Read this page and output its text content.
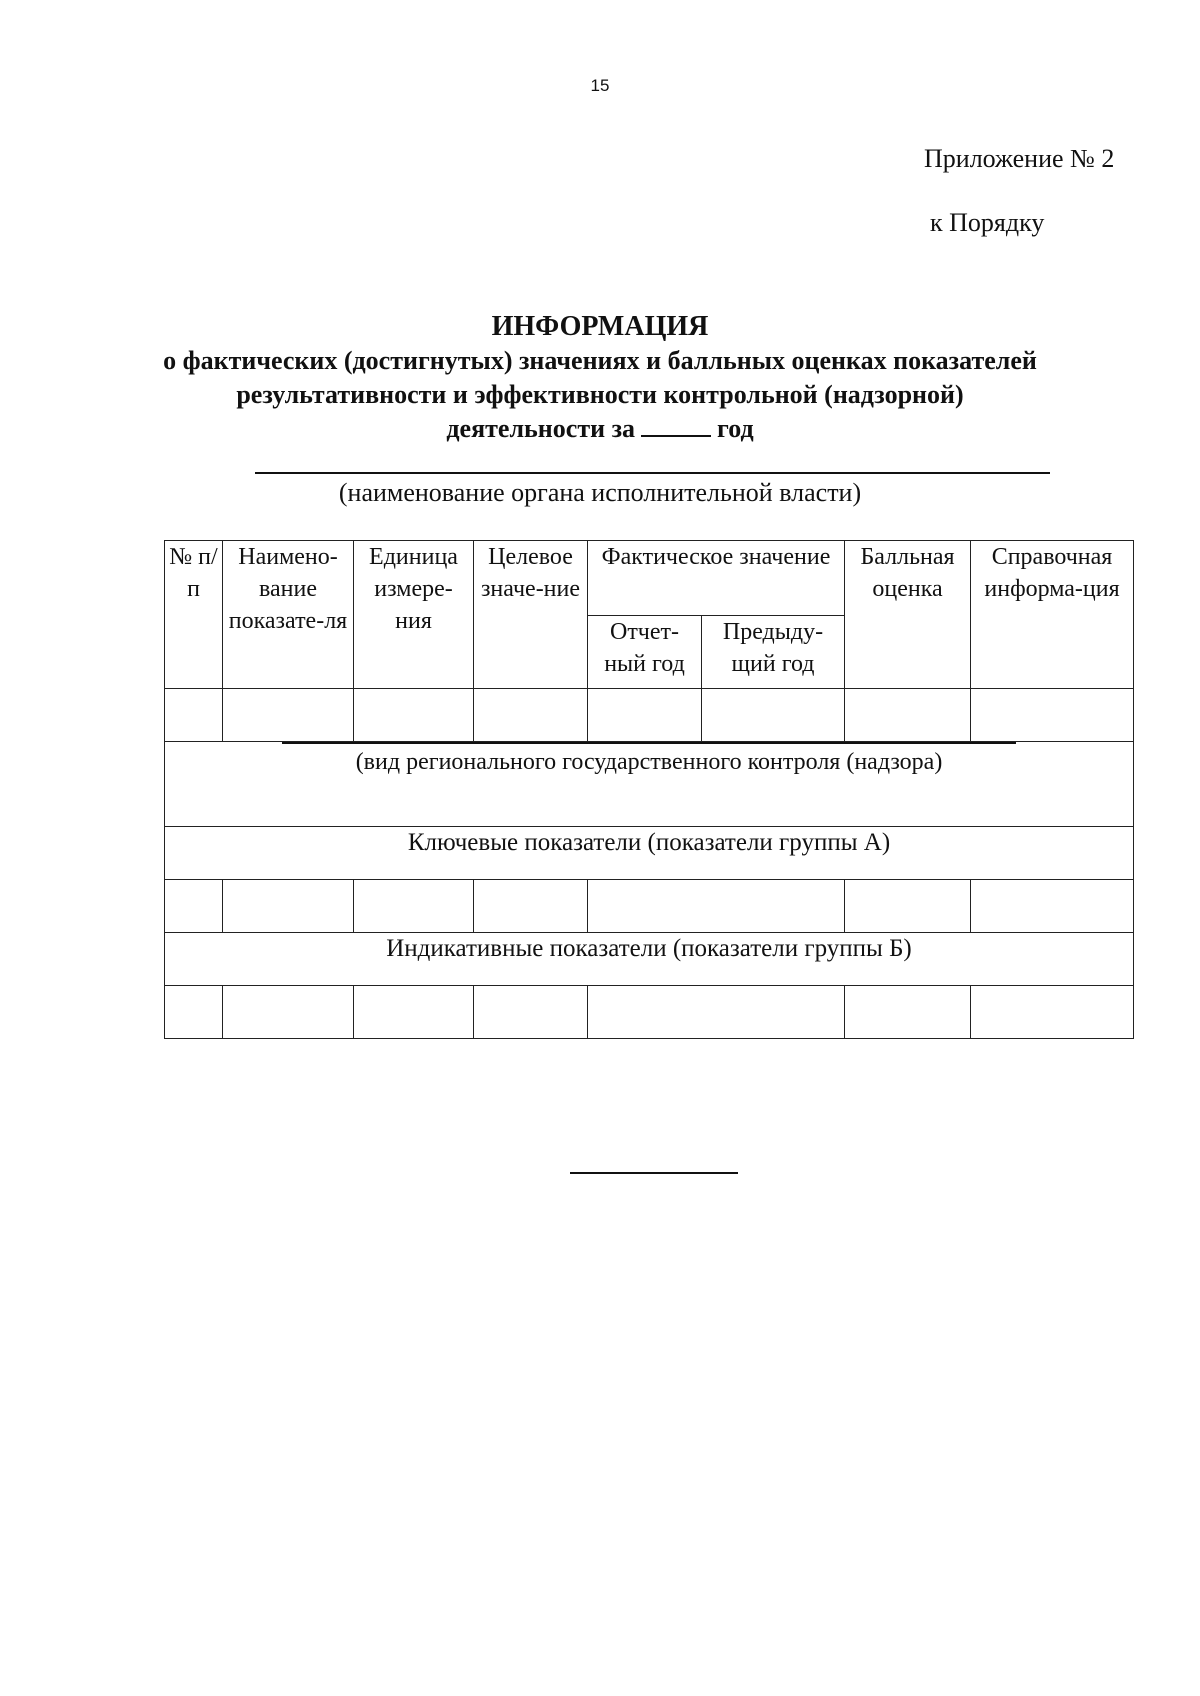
15
Приложение № 2
к Порядку
ИНФОРМАЦИЯ
о фактических (достигнутых) значениях и балльных оценках показателей
результативности и эффективности контрольной (надзорной)
деятельности за	год
(наименование органа исполнительной власти)
№ п/п	Наимено-вание показате-ля	Единица измере-ния	Целевое значе-ние	Фактическое значение		Балльная оценка	Справочная информа-ция
				Отчет-ный год	Предыду-щий год		

(вид регионального государственного контроля (надзора)							

Ключевые показатели (показатели группы А)							

Индикативные показатели (показатели группы Б)							
